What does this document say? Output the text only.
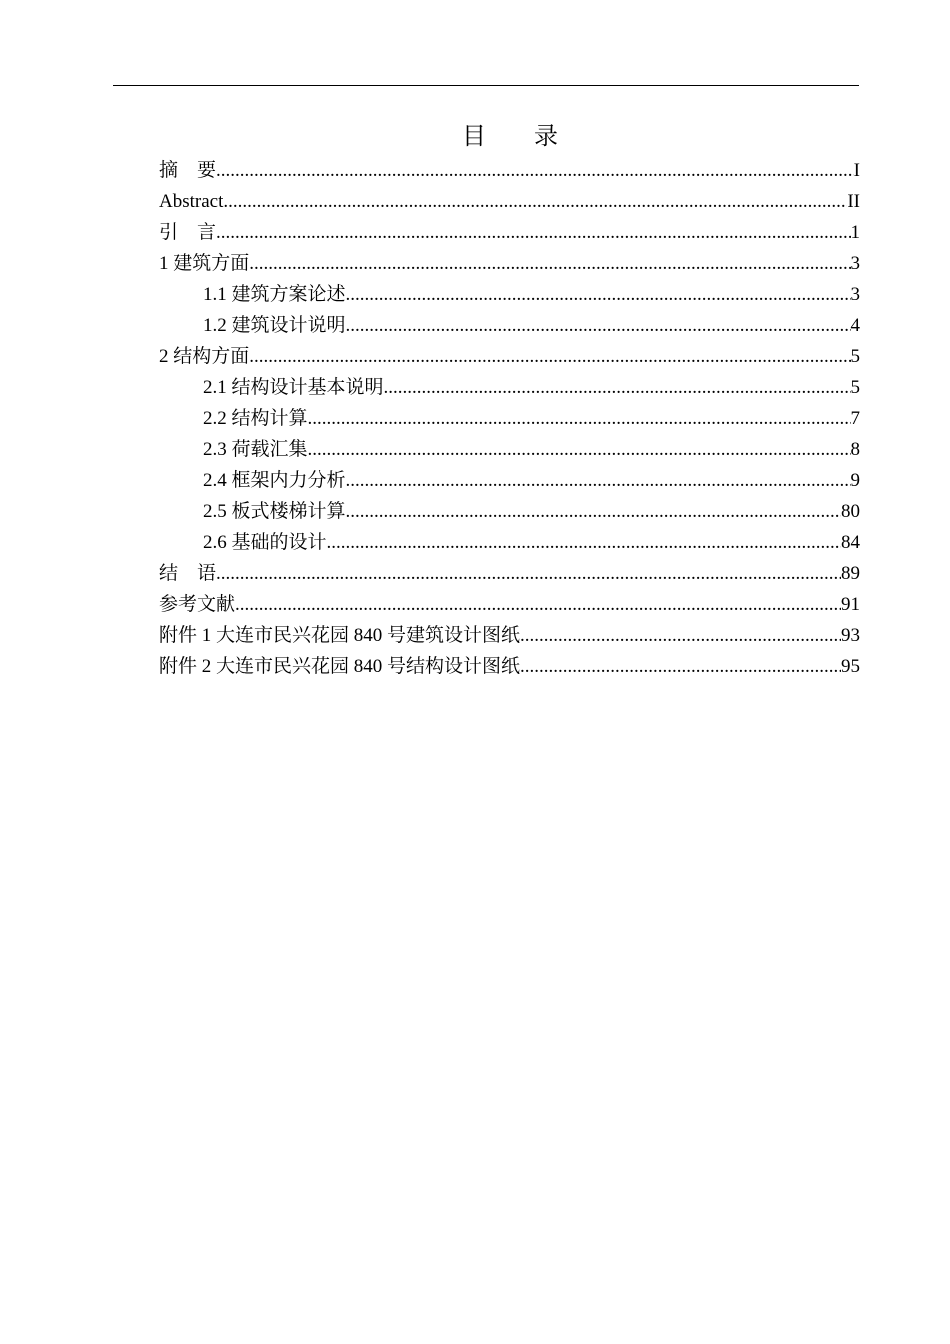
目　　录
摘　要 .....	I
Abstract .....	II
引　言 .....	1
1 建筑方面 .....	3
1.1 建筑方案论述 .....	3
1.2 建筑设计说明 .....	4
2 结构方面 .....	5
2.1 结构设计基本说明 .....	5
2.2 结构计算 .....	7
2.3 荷载汇集 .....	8
2.4 框架内力分析 .....	9
2.5 板式楼梯计算 .....	80
2.6 基础的设计 .....	84
结　语 .....	89
参考文献 .....	91
附件 1 大连市民兴花园 840 号建筑设计图纸 .....	93
附件 2 大连市民兴花园 840 号结构设计图纸 .....	95
